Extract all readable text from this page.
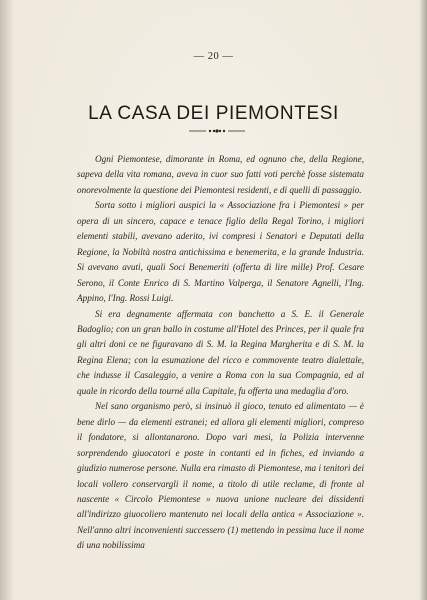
— 20 —
LA CASA DEI PIEMONTESI

Ogni Piemontese, dimorante in Roma, ed ognuno che, della Regione, sapeva della vita romana, aveva in cuor suo fatti voti perchè fosse sistemata onorevolmente la questione dei Piemontesi residenti, e di quelli di passaggio.

Sorta sotto i migliori auspici la « Associazione fra i Piemontesi » per opera di un sincero, capace e tenace figlio della Regal Torino, i migliori elementi stabili, avevano aderito, ivi compresi i Senatori e Deputati della Regione, la Nobiltà nostra antichissima e benemerita, e la grande Industria. Si avevano avuti, quali Soci Benemeriti (offerta di lire mille) Prof. Cesare Serono, il Conte Enrico di S. Martino Valperga, il Senatore Agnelli, l'Ing. Appino, l'Ing. Rossi Luigi.

Si era degnamente affermata con banchetto a S. E. il Generale Badoglio; con un gran ballo in costume all'Hotel des Princes, per il quale fra gli altri doni ce ne figuravano di S. M. la Regina Margherita e di S. M. la Regina Elena; con la esumazione del ricco e commovente teatro dialettale, che indusse il Casaleggio, a venire a Roma con la sua Compagnia, ed al quale in ricordo della tourné alla Capitale, fu offerta una medaglia d'oro.

Nel sano organismo però, si insinuò il gioco, tenuto ed alimentato — è bene dirlo — da elementi estranei; ed allora gli elementi migliori, compreso il fondatore, si allontanarono. Dopo vari mesi, la Polizia intervenne sorprendendo giuocatori e poste in contanti ed in fiches, ed inviando a giudizio numerose persone. Nulla era rimasto di Piemontese, ma i tenitori dei locali vollero conservargli il nome, a titolo di utile reclame, di fronte al nascente « Circolo Piemontese » nuova unione nucleare dei dissidenti all'indirizzo giuocoliero mantenuto nei locali della antica « Associazione ». Nell'anno altri inconvenienti successero (1) mettendo in pessima luce il nome di una nobilissima
